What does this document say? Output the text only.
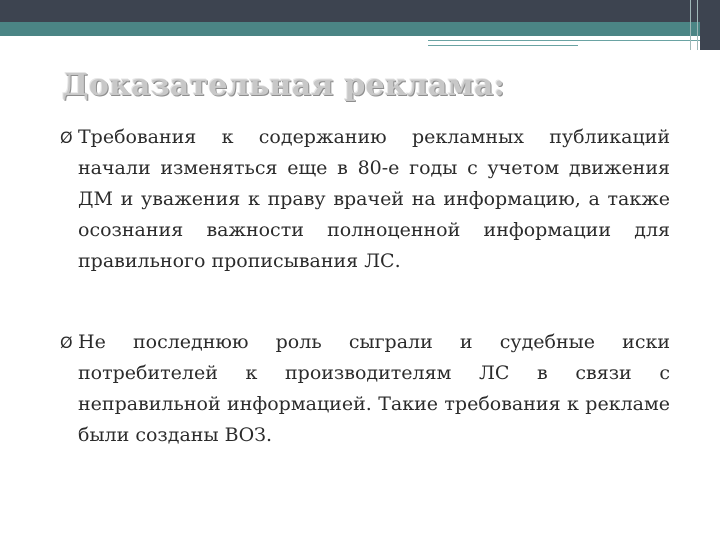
Доказательная реклама:

Ø Требования к содержанию рекламных публикаций начали изменяться еще в 80-е годы с учетом движения ДМ и уважения к праву врачей на информацию, а также осознания важности полноценной информации для правильного прописывания ЛС.

Ø Не последнюю роль сыграли и судебные иски потребителей к производителям ЛС в связи с неправильной информацией. Такие требования к рекламе были созданы ВОЗ.
